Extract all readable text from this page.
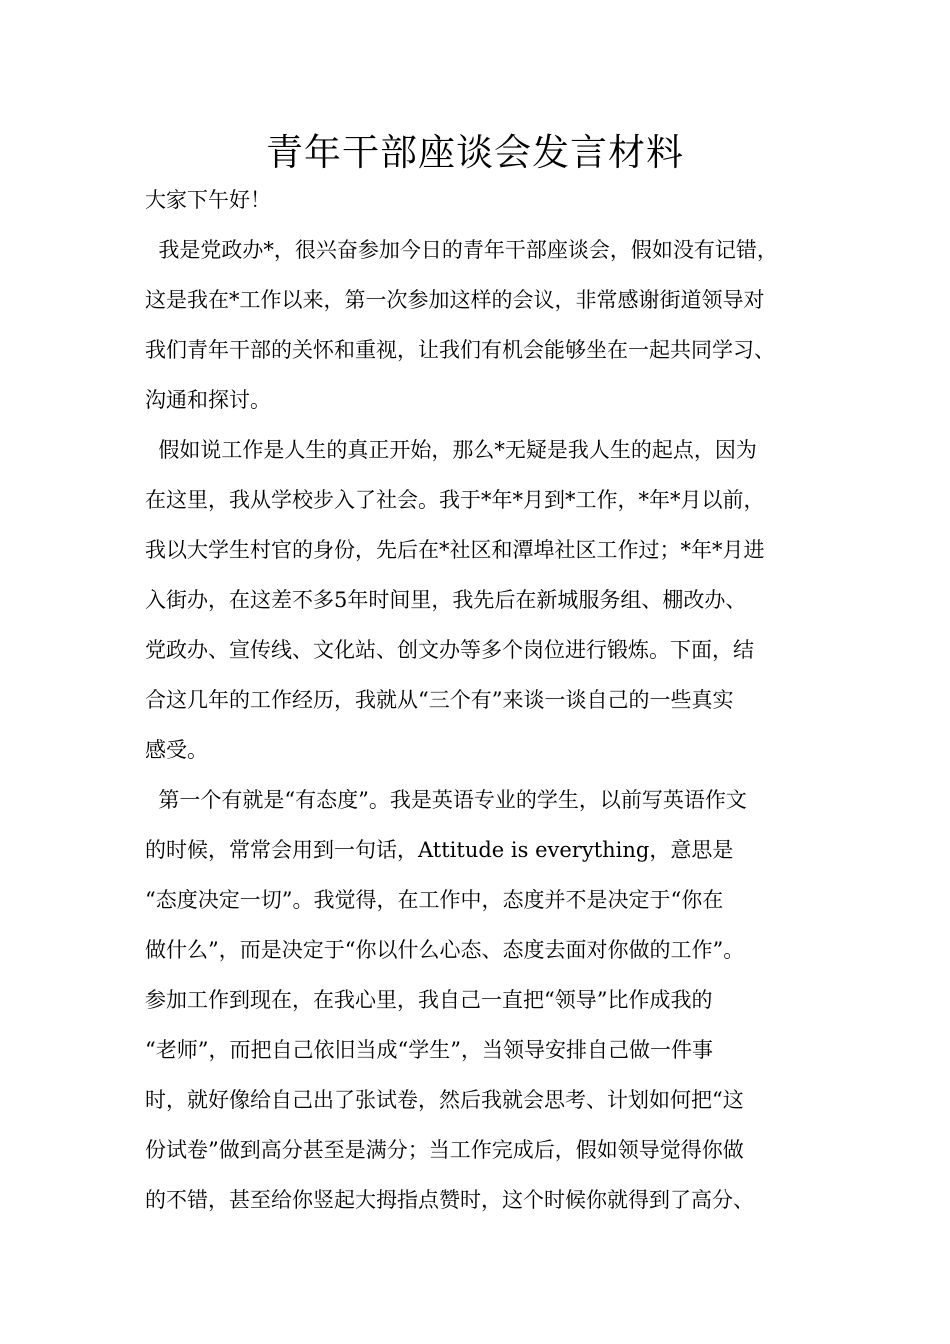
青年干部座谈会发言材料
大家下午好！
我是党政办*，很兴奋参加今日的青年干部座谈会，假如没有记错，
这是我在*工作以来，第一次参加这样的会议，非常感谢街道领导对
我们青年干部的关怀和重视，让我们有机会能够坐在一起共同学习、
沟通和探讨。
假如说工作是人生的真正开始，那么*无疑是我人生的起点，因为
在这里，我从学校步入了社会。我于*年*月到*工作，*年*月以前，
我以大学生村官的身份，先后在*社区和潭埠社区工作过；*年*月进
入街办，在这差不多5年时间里，我先后在新城服务组、棚改办、
党政办、宣传线、文化站、创文办等多个岗位进行锻炼。下面，结
合这几年的工作经历，我就从“三个有”来谈一谈自己的一些真实
感受。
第一个有就是“有态度”。我是英语专业的学生，以前写英语作文
的时候，常常会用到一句话，Attitude is everything，意思是
“态度决定一切”。我觉得，在工作中，态度并不是决定于“你在
做什么”，而是决定于“你以什么心态、态度去面对你做的工作”。
参加工作到现在，在我心里，我自己一直把“领导”比作成我的
“老师”，而把自己依旧当成“学生”，当领导安排自己做一件事
时，就好像给自己出了张试卷，然后我就会思考、计划如何把“这
份试卷”做到高分甚至是满分；当工作完成后，假如领导觉得你做
的不错，甚至给你竖起大拇指点赞时，这个时候你就得到了高分、
